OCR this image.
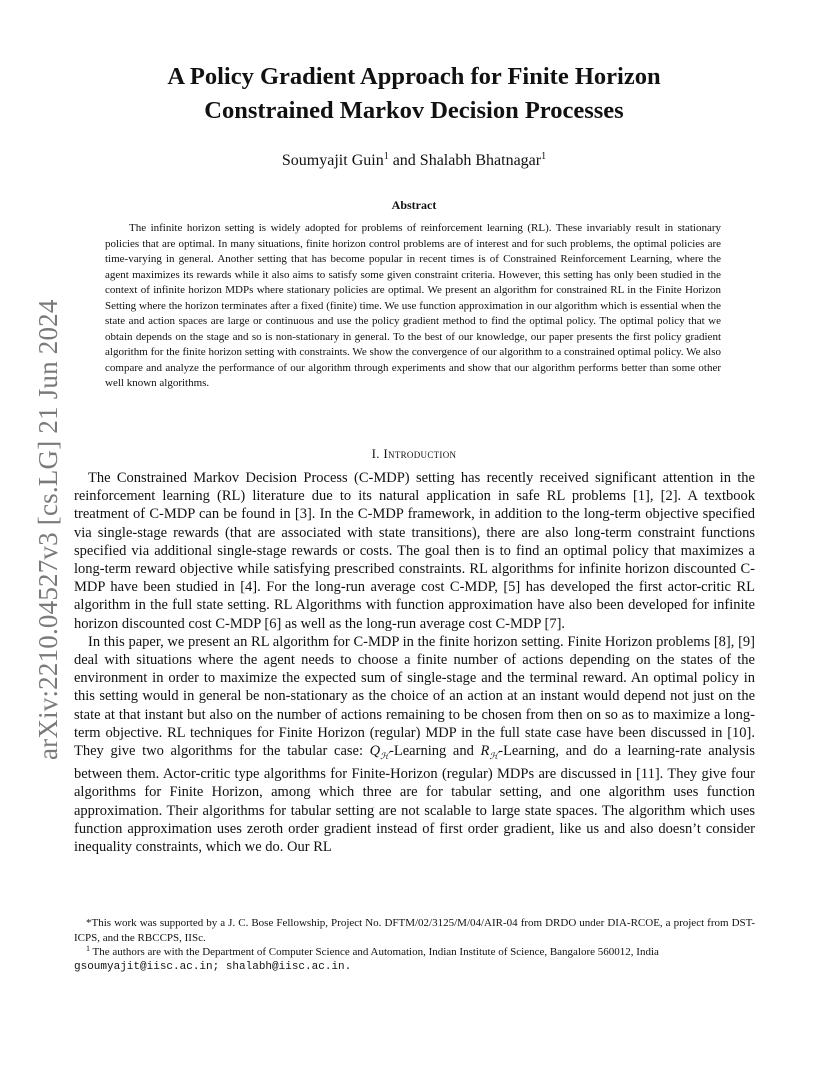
arXiv:2210.04527v3 [cs.LG] 21 Jun 2024
A Policy Gradient Approach for Finite Horizon
Constrained Markov Decision Processes
Soumyajit Guin$^1$ and Shalabh Bhatnagar$^1$
Abstract

The infinite horizon setting is widely adopted for problems of reinforcement learning (RL). These invariably result in stationary policies that are optimal. In many situations, finite horizon control problems are of interest and for such problems, the optimal policies are time-varying in general. Another setting that has become popular in recent times is of Constrained Reinforcement Learning, where the agent maximizes its rewards while it also aims to satisfy some given constraint criteria. However, this setting has only been studied in the context of infinite horizon MDPs where stationary policies are optimal. We present an algorithm for constrained RL in the Finite Horizon Setting where the horizon terminates after a fixed (finite) time. We use function approximation in our algorithm which is essential when the state and action spaces are large or continuous and use the policy gradient method to find the optimal policy. The optimal policy that we obtain depends on the stage and so is non-stationary in general. To the best of our knowledge, our paper presents the first policy gradient algorithm for the finite horizon setting with constraints. We show the convergence of our algorithm to a constrained optimal policy. We also compare and analyze the performance of our algorithm through experiments and show that our algorithm performs better than some other well known algorithms.

I. Introduction

The Constrained Markov Decision Process (C-MDP) setting has recently received significant attention in the reinforcement learning (RL) literature due to its natural application in safe RL problems [1], [2]. A textbook treatment of C-MDP can be found in [3]. In the C-MDP framework, in addition to the long-term objective specified via single-stage rewards (that are associated with state transitions), there are also long-term constraint functions specified via additional single-stage rewards or costs. The goal then is to find an optimal policy that maximizes a long-term reward objective while satisfying prescribed constraints. RL algorithms for infinite horizon discounted C-MDP have been studied in [4]. For the long-run average cost C-MDP, [5] has developed the first actor-critic RL algorithm in the full state setting. RL Algorithms with function approximation have also been developed for infinite horizon discounted cost C-MDP [6] as well as the long-run average cost C-MDP [7].

In this paper, we present an RL algorithm for C-MDP in the finite horizon setting. Finite Horizon problems [8], [9] deal with situations where the agent needs to choose a finite number of actions depending on the states of the environment in order to maximize the expected sum of single-stage and the terminal reward. An optimal policy in this setting would in general be non-stationary as the choice of an action at an instant would depend not just on the state at that instant but also on the number of actions remaining to be chosen from then on so as to maximize a long-term objective. RL techniques for Finite Horizon (regular) MDP in the full state case have been discussed in [10]. They give two algorithms for the tabular case: $Q_ℋ$-Learning and $R_ℋ$-Learning, and do a learning-rate analysis between them. Actor-critic type algorithms for Finite-Horizon (regular) MDPs are discussed in [11]. They give four algorithms for Finite Horizon, among which three are for tabular setting, and one algorithm uses function approximation. Their algorithms for tabular setting are not scalable to large state spaces. The algorithm which uses function approximation uses zeroth order gradient instead of first order gradient, like us and also doesn’t consider inequality constraints, which we do. Our RL

*This work was supported by a J. C. Bose Fellowship, Project No. DFTM/02/3125/M/04/AIR-04 from DRDO under DIA-RCOE, a project from DST-ICPS, and the RBCCPS, IISc.

$^1$ The authors are with the Department of Computer Science and Automation, Indian Institute of Science, Bangalore 560012, India

gsoumyajit@iisc.ac.in; shalabh@iisc.ac.in.
